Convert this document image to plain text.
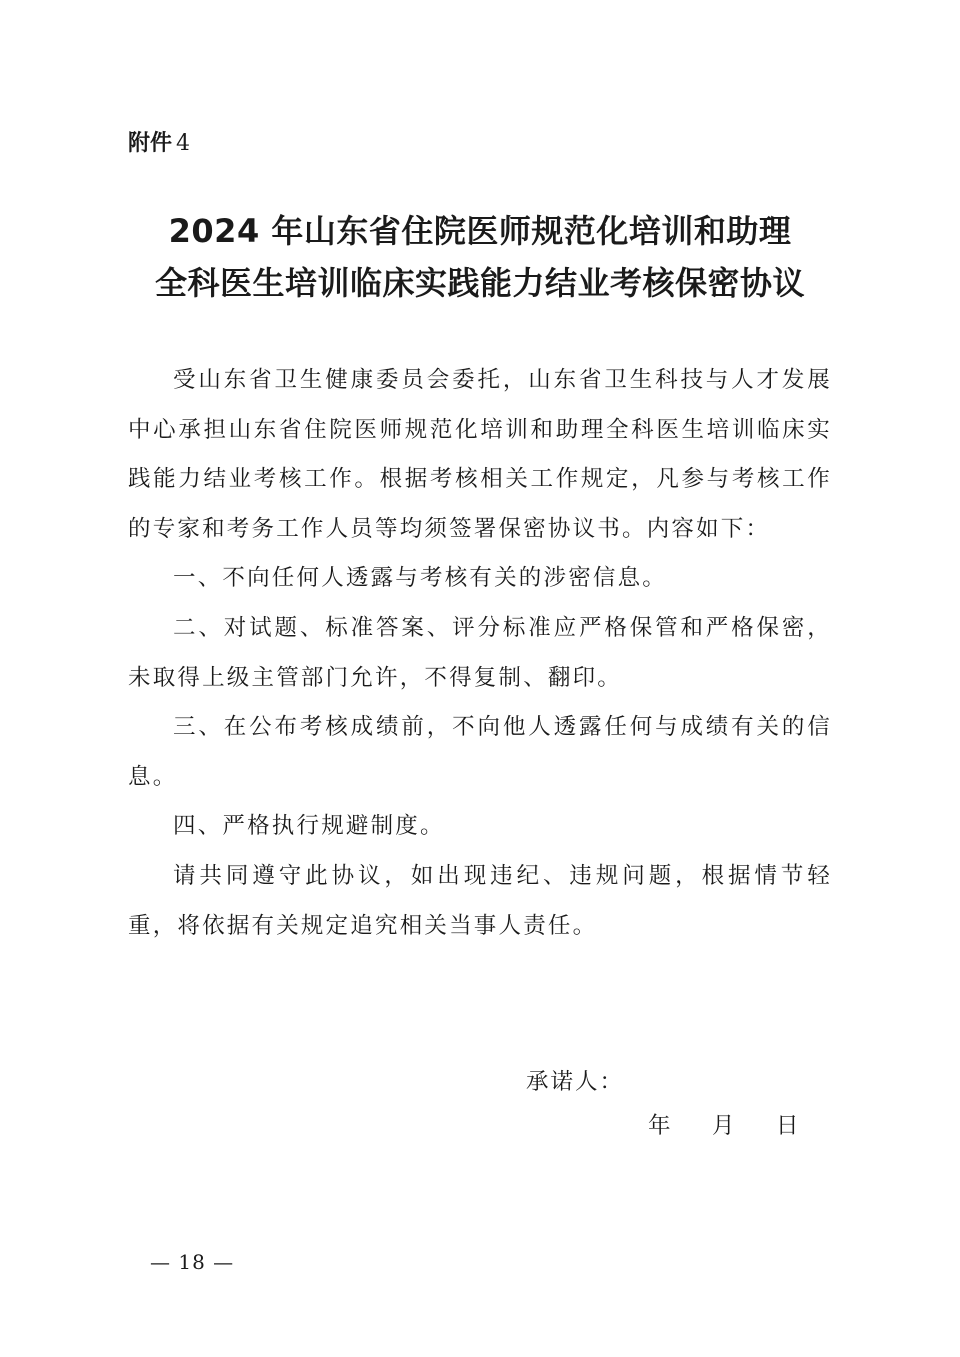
附件 4
2024 年山东省住院医师规范化培训和助理
全科医生培训临床实践能力结业考核保密协议

受山东省卫生健康委员会委托，山东省卫生科技与人才发展中心承担山东省住院医师规范化培训和助理全科医生培训临床实践能力结业考核工作。根据考核相关工作规定，凡参与考核工作的专家和考务工作人员等均须签署保密协议书。内容如下：

一、不向任何人透露与考核有关的涉密信息。

二、对试题、标准答案、评分标准应严格保管和严格保密，未取得上级主管部门允许，不得复制、翻印。

三、在公布考核成绩前，不向他人透露任何与成绩有关的信息。

四、严格执行规避制度。

请共同遵守此协议，如出现违纪、违规问题，根据情节轻重，将依据有关规定追究相关当事人责任。

承诺人：
年 月 日
— 18 —
